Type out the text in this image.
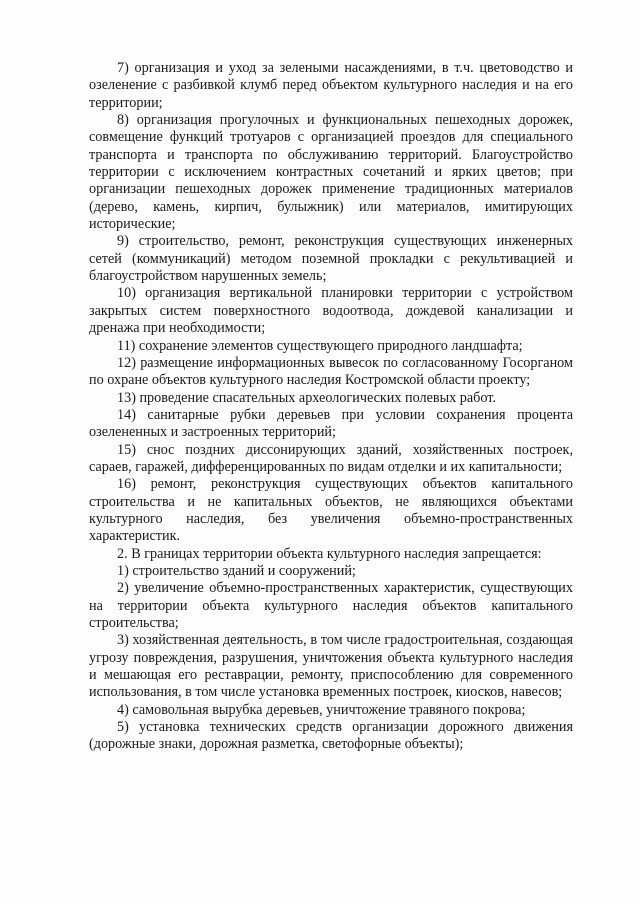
7) организация и уход за зелеными насаждениями, в т.ч. цветоводство и озеленение с разбивкой клумб перед объектом культурного наследия и на его территории;

8) организация прогулочных и функциональных пешеходных дорожек, совмещение функций тротуаров с организацией проездов для специального транспорта и транспорта по обслуживанию территорий. Благоустройство территории с исключением контрастных сочетаний и ярких цветов; при организации пешеходных дорожек применение традиционных материалов (дерево, камень, кирпич, булыжник) или материалов, имитирующих исторические;

9) строительство, ремонт, реконструкция существующих инженерных сетей (коммуникаций) методом поземной прокладки с рекультивацией и благоустройством нарушенных земель;

10) организация вертикальной планировки территории с устройством закрытых систем поверхностного водоотвода, дождевой канализации и дренажа при необходимости;

11) сохранение элементов существующего природного ландшафта;

12) размещение информационных вывесок по согласованному Госорганом по охране объектов культурного наследия Костромской области проекту;

13) проведение спасательных археологических полевых работ.

14) санитарные рубки деревьев при условии сохранения процента озелененных и застроенных территорий;

15) снос поздних диссонирующих зданий, хозяйственных построек, сараев, гаражей, дифференцированных по видам отделки и их капитальности;

16) ремонт, реконструкция существующих объектов капитального строительства и не капитальных объектов, не являющихся объектами культурного наследия, без увеличения объемно-пространственных характеристик.

2. В границах территории объекта культурного наследия запрещается:

1) строительство зданий и сооружений;

2) увеличение объемно-пространственных характеристик, существующих на территории объекта культурного наследия объектов капитального строительства;

3) хозяйственная деятельность, в том числе градостроительная, создающая угрозу повреждения, разрушения, уничтожения объекта культурного наследия и мешающая его реставрации, ремонту, приспособлению для современного использования, в том числе установка временных построек, киосков, навесов;

4) самовольная вырубка деревьев, уничтожение травяного покрова;

5) установка технических средств организации дорожного движения (дорожные знаки, дорожная разметка, светофорные объекты);
